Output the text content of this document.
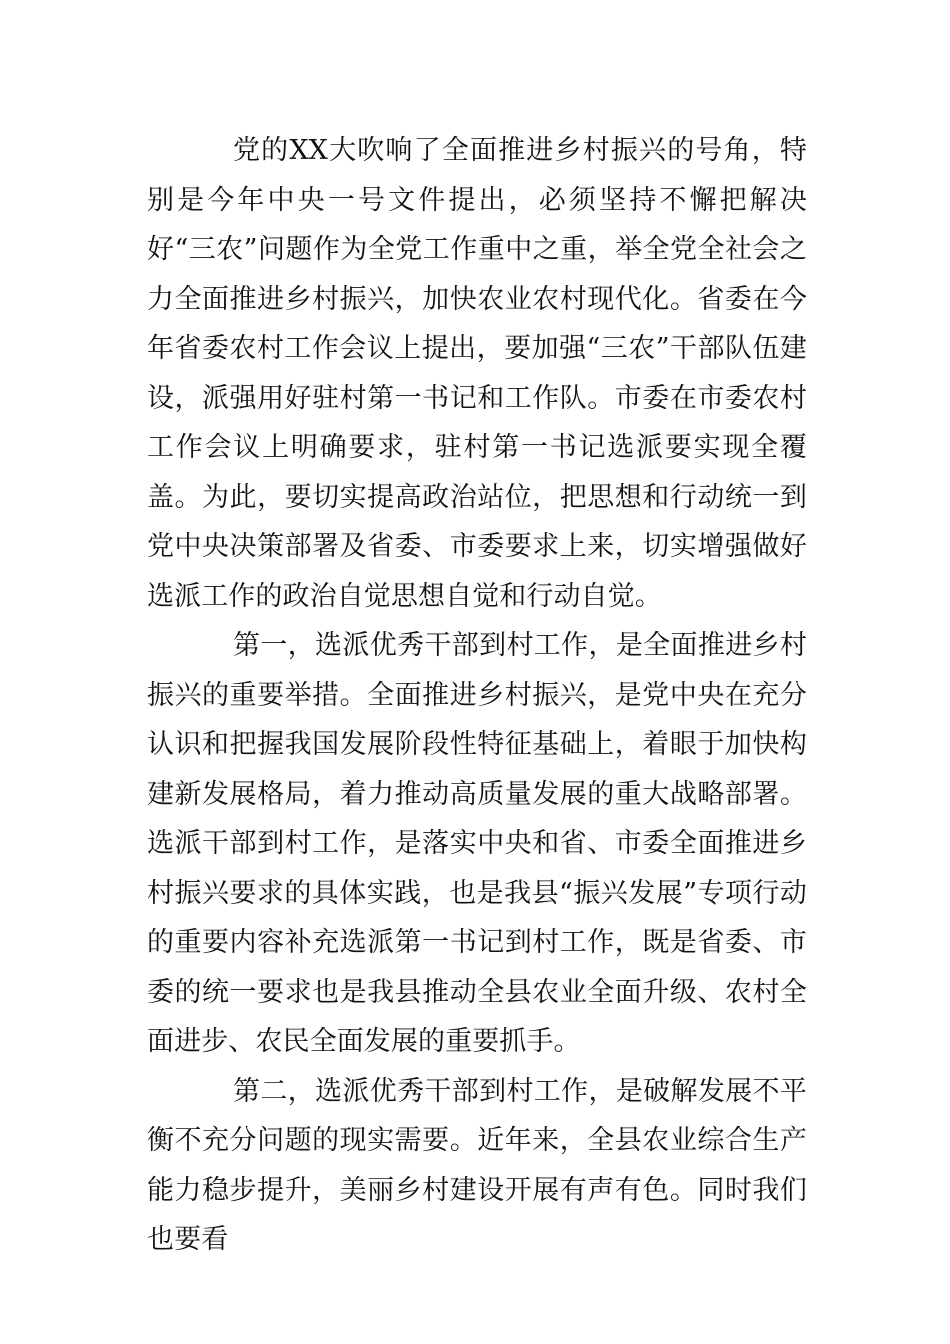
党的XX大吹响了全面推进乡村振兴的号角，特别是今年中央一号文件提出，必须坚持不懈把解决好“三农”问题作为全党工作重中之重，举全党全社会之力全面推进乡村振兴，加快农业农村现代化。省委在今年省委农村工作会议上提出，要加强“三农”干部队伍建设，派强用好驻村第一书记和工作队。市委在市委农村工作会议上明确要求，驻村第一书记选派要实现全覆盖。为此，要切实提高政治站位，把思想和行动统一到党中央决策部署及省委、市委要求上来，切实增强做好选派工作的政治自觉思想自觉和行动自觉。

第一，选派优秀干部到村工作，是全面推进乡村振兴的重要举措。全面推进乡村振兴，是党中央在充分认识和把握我国发展阶段性特征基础上，着眼于加快构建新发展格局，着力推动高质量发展的重大战略部署。选派干部到村工作，是落实中央和省、市委全面推进乡村振兴要求的具体实践，也是我县“振兴发展”专项行动的重要内容补充选派第一书记到村工作，既是省委、市委的统一要求也是我县推动全县农业全面升级、农村全面进步、农民全面发展的重要抓手。

第二，选派优秀干部到村工作，是破解发展不平衡不充分问题的现实需要。近年来，全县农业综合生产能力稳步提升，美丽乡村建设开展有声有色。同时我们也要看
